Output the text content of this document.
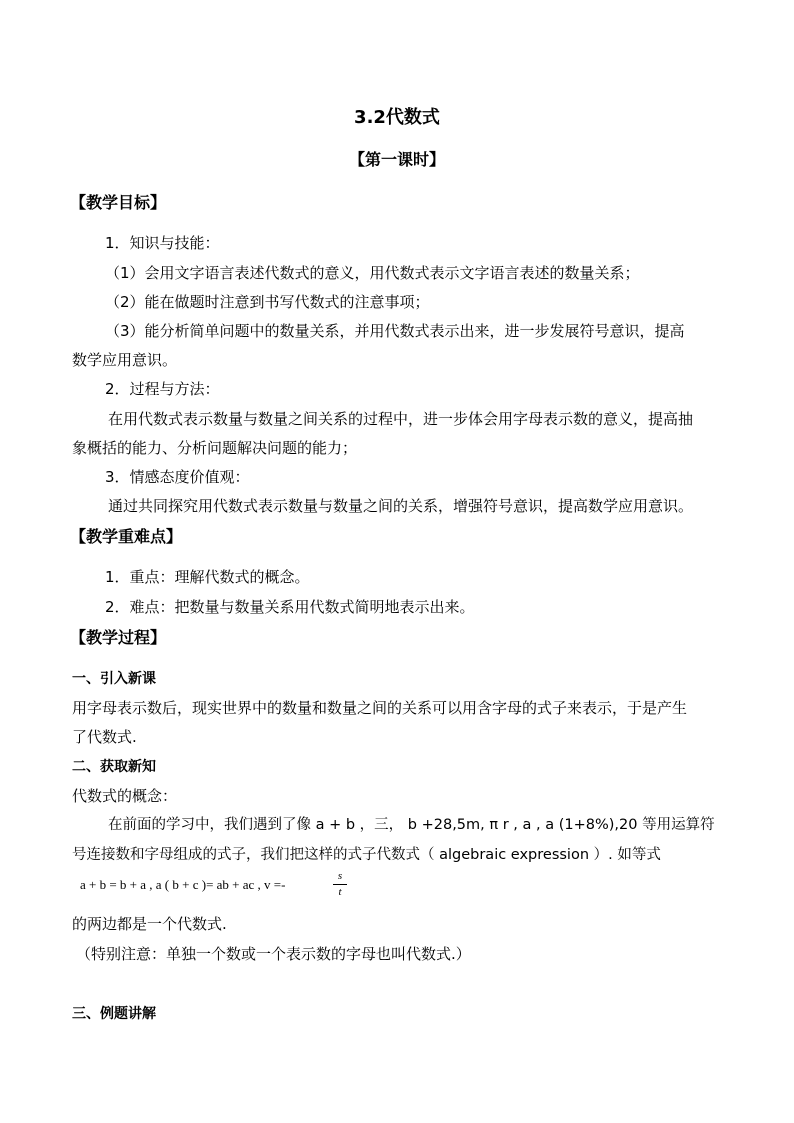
3.2代数式
【第一课时】
【教学目标】
1．知识与技能：
（1）会用文字语言表述代数式的意义，用代数式表示文字语言表述的数量关系；
（2）能在做题时注意到书写代数式的注意事项；
（3）能分析简单问题中的数量关系，并用代数式表示出来，进一步发展符号意识，提高
数学应用意识。
2．过程与方法：
在用代数式表示数量与数量之间关系的过程中，进一步体会用字母表示数的意义，提高抽
象概括的能力、分析问题解决问题的能力；
3．情感态度价值观：
通过共同探究用代数式表示数量与数量之间的关系，增强符号意识，提高数学应用意识。
【教学重难点】
1．重点：理解代数式的概念。
2．难点：把数量与数量关系用代数式简明地表示出来。
【教学过程】
一、引入新课
用字母表示数后，现实世界中的数量和数量之间的关系可以用含字母的式子来表示，于是产生
了代数式.
二、获取新知
代数式的概念：
在前面的学习中，我们遇到了像 a + b ，三， b +28,5m, π r , a , a (1+8%),20 等用运算符
号连接数和字母组成的式子，我们把这样的式子代数式（ algebraic expression ）. 如等式
a + b = b + a , a ( b + c )= ab + ac , v =-
s
t
的两边都是一个代数式.
（特别注意：单独一个数或一个表示数的字母也叫代数式.）
三、例题讲解
